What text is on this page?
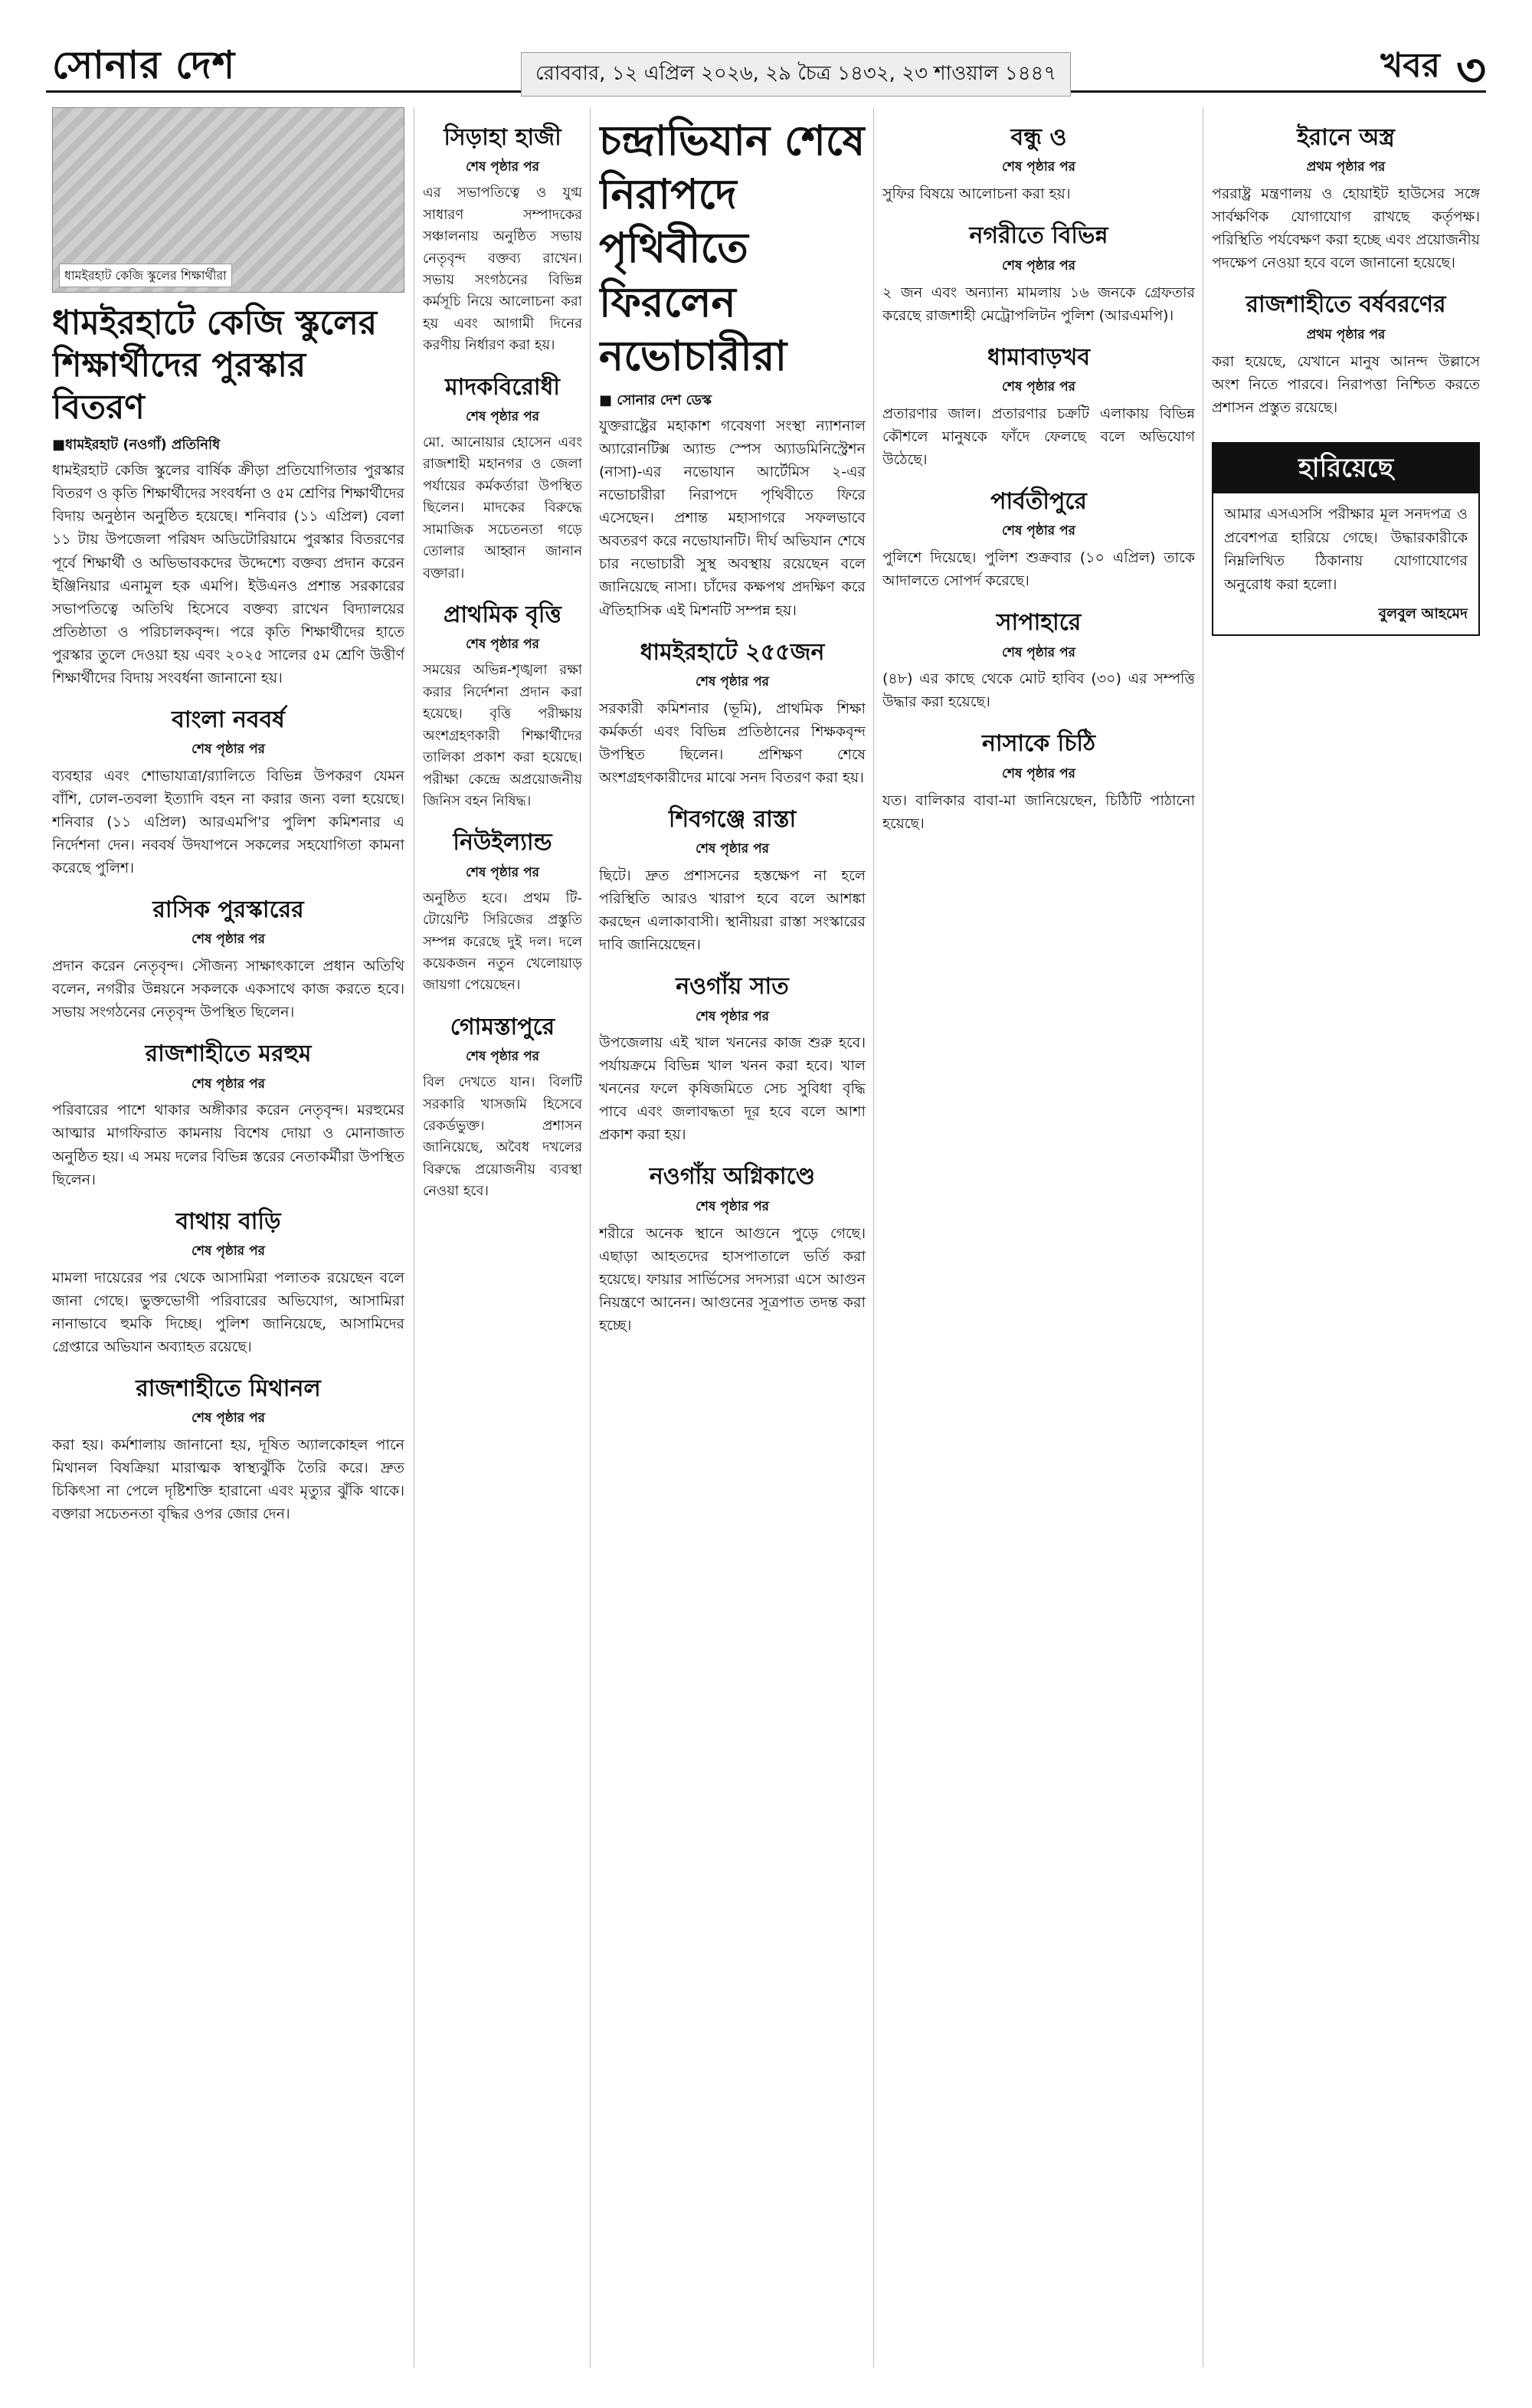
সোনার দেশ	রোববার, ১২ এপ্রিল ২০২৬, ২৯ চৈত্র ১৪৩২, ২৩ শাওয়াল ১৪৪৭	খবর ৩
ধামইরহাট কেজি স্কুলের শিক্ষার্থীরা
ধামইরহাটে কেজি স্কুলের শিক্ষার্থীদের পুরস্কার বিতরণ
■ধামইরহাট (নওগাঁ) প্রতিনিধি

ধামইরহাট কেজি স্কুলের বার্ষিক ক্রীড়া প্রতিযোগিতার পুরস্কার বিতরণ ও কৃতি শিক্ষার্থীদের সংবর্ধনা ও ৫ম শ্রেণির শিক্ষার্থীদের বিদায় অনুষ্ঠান অনুষ্ঠিত হয়েছে। শনিবার (১১ এপ্রিল) বেলা ১১ টায় উপজেলা পরিষদ অডিটোরিয়ামে পুরস্কার বিতরণের পূর্বে শিক্ষার্থী ও অভিভাবকদের উদ্দেশ্যে বক্তব্য প্রদান করেন ইঞ্জিনিয়ার এনামুল হক এমপি। ইউএনও প্রশান্ত সরকারের সভাপতিত্বে অতিথি হিসেবে বক্তব্য রাখেন বিদ্যালয়ের প্রতিষ্ঠাতা ও পরিচালকবৃন্দ। পরে কৃতি শিক্ষার্থীদের হাতে পুরস্কার তুলে দেওয়া হয় এবং ২০২৫ সালের ৫ম শ্রেণি উত্তীর্ণ শিক্ষার্থীদের বিদায় সংবর্ধনা জানানো হয়।

বাংলা নববর্ষ
শেষ পৃষ্ঠার পর

ব্যবহার এবং শোভাযাত্রা/র‌্যালিতে বিভিন্ন উপকরণ যেমন বাঁশি, ঢোল-তবলা ইত্যাদি বহন না করার জন্য বলা হয়েছে। শনিবার (১১ এপ্রিল) আরএমপি'র পুলিশ কমিশনার এ নির্দেশনা দেন। নববর্ষ উদযাপনে সকলের সহযোগিতা কামনা করেছে পুলিশ।

রাসিক পুরস্কারের
শেষ পৃষ্ঠার পর

প্রদান করেন নেতৃবৃন্দ। সৌজন্য সাক্ষাৎকালে প্রধান অতিথি বলেন, নগরীর উন্নয়নে সকলকে একসাথে কাজ করতে হবে। সভায় সংগঠনের নেতৃবৃন্দ উপস্থিত ছিলেন।

রাজশাহীতে মরহুম
শেষ পৃষ্ঠার পর

পরিবারের পাশে থাকার অঙ্গীকার করেন নেতৃবৃন্দ। মরহুমের আত্মার মাগফিরাত কামনায় বিশেষ দোয়া ও মোনাজাত অনুষ্ঠিত হয়। এ সময় দলের বিভিন্ন স্তরের নেতাকর্মীরা উপস্থিত ছিলেন।

বাথায় বাড়ি
শেষ পৃষ্ঠার পর

মামলা দায়েরের পর থেকে আসামিরা পলাতক রয়েছেন বলে জানা গেছে। ভুক্তভোগী পরিবারের অভিযোগ, আসামিরা নানাভাবে হুমকি দিচ্ছে। পুলিশ জানিয়েছে, আসামিদের গ্রেপ্তারে অভিযান অব্যাহত রয়েছে।

রাজশাহীতে মিথানল
শেষ পৃষ্ঠার পর

করা হয়। কর্মশালায় জানানো হয়, দূষিত অ্যালকোহল পানে মিথানল বিষক্রিয়া মারাত্মক স্বাস্থ্যঝুঁকি তৈরি করে। দ্রুত চিকিৎসা না পেলে দৃষ্টিশক্তি হারানো এবং মৃত্যুর ঝুঁকি থাকে। বক্তারা সচেতনতা বৃদ্ধির ওপর জোর দেন।

সিড়াহা হাজী
শেষ পৃষ্ঠার পর

এর সভাপতিত্বে ও যুগ্ম সাধারণ সম্পাদকের সঞ্চালনায় অনুষ্ঠিত সভায় নেতৃবৃন্দ বক্তব্য রাখেন। সভায় সংগঠনের বিভিন্ন কর্মসূচি নিয়ে আলোচনা করা হয় এবং আগামী দিনের করণীয় নির্ধারণ করা হয়।

মাদকবিরোধী
শেষ পৃষ্ঠার পর

মো. আনোয়ার হোসেন এবং রাজশাহী মহানগর ও জেলা পর্যায়ের কর্মকর্তারা উপস্থিত ছিলেন। মাদকের বিরুদ্ধে সামাজিক সচেতনতা গড়ে তোলার আহ্বান জানান বক্তারা।

প্রাথমিক বৃত্তি
শেষ পৃষ্ঠার পর

সময়ের অভিন্ন-শৃঙ্খলা রক্ষা করার নির্দেশনা প্রদান করা হয়েছে। বৃত্তি পরীক্ষায় অংশগ্রহণকারী শিক্ষার্থীদের তালিকা প্রকাশ করা হয়েছে। পরীক্ষা কেন্দ্রে অপ্রয়োজনীয় জিনিস বহন নিষিদ্ধ।

নিউইল্যান্ড
শেষ পৃষ্ঠার পর

অনুষ্ঠিত হবে। প্রথম টি-টোয়েন্টি সিরিজের প্রস্তুতি সম্পন্ন করেছে দুই দল। দলে কয়েকজন নতুন খেলোয়াড় জায়গা পেয়েছেন।

গোমস্তাপুরে
শেষ পৃষ্ঠার পর

বিল দেখতে যান। বিলটি সরকারি খাসজমি হিসেবে রেকর্ডভুক্ত। প্রশাসন জানিয়েছে, অবৈধ দখলের বিরুদ্ধে প্রয়োজনীয় ব্যবস্থা নেওয়া হবে।

চন্দ্রাভিযান শেষে নিরাপদে পৃথিবীতে ফিরলেন নভোচারীরা
■ সোনার দেশ ডেস্ক

যুক্তরাষ্ট্রের মহাকাশ গবেষণা সংস্থা ন্যাশনাল অ্যারোনটিক্স অ্যান্ড স্পেস অ্যাডমিনিস্ট্রেশন (নাসা)-এর নভোযান আর্টেমিস ২-এর নভোচারীরা নিরাপদে পৃথিবীতে ফিরে এসেছেন। প্রশান্ত মহাসাগরে সফলভাবে অবতরণ করে নভোযানটি। দীর্ঘ অভিযান শেষে চার নভোচারী সুস্থ অবস্থায় রয়েছেন বলে জানিয়েছে নাসা। চাঁদের কক্ষপথ প্রদক্ষিণ করে ঐতিহাসিক এই মিশনটি সম্পন্ন হয়।

ধামইরহাটে ২৫৫জন
শেষ পৃষ্ঠার পর

সরকারী কমিশনার (ভূমি), প্রাথমিক শিক্ষা কর্মকর্তা এবং বিভিন্ন প্রতিষ্ঠানের শিক্ষকবৃন্দ উপস্থিত ছিলেন। প্রশিক্ষণ শেষে অংশগ্রহণকারীদের মাঝে সনদ বিতরণ করা হয়।

শিবগঞ্জে রাস্তা
শেষ পৃষ্ঠার পর

ছিটে। দ্রুত প্রশাসনের হস্তক্ষেপ না হলে পরিস্থিতি আরও খারাপ হবে বলে আশঙ্কা করছেন এলাকাবাসী। স্থানীয়রা রাস্তা সংস্কারের দাবি জানিয়েছেন।

নওগাঁয় সাত
শেষ পৃষ্ঠার পর

উপজেলায় এই খাল খননের কাজ শুরু হবে। পর্যায়ক্রমে বিভিন্ন খাল খনন করা হবে। খাল খননের ফলে কৃষিজমিতে সেচ সুবিধা বৃদ্ধি পাবে এবং জলাবদ্ধতা দূর হবে বলে আশা প্রকাশ করা হয়।

নওগাঁয় অগ্নিকাণ্ডে
শেষ পৃষ্ঠার পর

শরীরে অনেক স্থানে আগুনে পুড়ে গেছে। এছাড়া আহতদের হাসপাতালে ভর্তি করা হয়েছে। ফায়ার সার্ভিসের সদস্যরা এসে আগুন নিয়ন্ত্রণে আনেন। আগুনের সূত্রপাত তদন্ত করা হচ্ছে।

বন্ধু ও
শেষ পৃষ্ঠার পর

সুফির বিষয়ে আলোচনা করা হয়।

নগরীতে বিভিন্ন
শেষ পৃষ্ঠার পর

২ জন এবং অন্যান্য মামলায় ১৬ জনকে গ্রেফতার করেছে রাজশাহী মেট্রোপলিটন পুলিশ (আরএমপি)।

ধামাবাড়খব
শেষ পৃষ্ঠার পর

প্রতারণার জাল। প্রতারণার চক্রটি এলাকায় বিভিন্ন কৌশলে মানুষকে ফাঁদে ফেলছে বলে অভিযোগ উঠেছে।

পার্বতীপুরে
শেষ পৃষ্ঠার পর

পুলিশে দিয়েছে। পুলিশ শুক্রবার (১০ এপ্রিল) তাকে আদালতে সোপর্দ করেছে।

সাপাহারে
শেষ পৃষ্ঠার পর

(৪৮) এর কাছে থেকে মোট হাবিব (৩০) এর সম্পত্তি উদ্ধার করা হয়েছে।

নাসাকে চিঠি
শেষ পৃষ্ঠার পর

যত। বালিকার বাবা-মা জানিয়েছেন, চিঠিটি পাঠানো হয়েছে।

ইরানে অস্ত্র
প্রথম পৃষ্ঠার পর

পররাষ্ট্র মন্ত্রণালয় ও হোয়াইট হাউসের সঙ্গে সার্বক্ষণিক যোগাযোগ রাখছে কর্তৃপক্ষ। পরিস্থিতি পর্যবেক্ষণ করা হচ্ছে এবং প্রয়োজনীয় পদক্ষেপ নেওয়া হবে বলে জানানো হয়েছে।

রাজশাহীতে বর্ষবরণের
প্রথম পৃষ্ঠার পর

করা হয়েছে, যেখানে মানুষ আনন্দ উল্লাসে অংশ নিতে পারবে। নিরাপত্তা নিশ্চিত করতে প্রশাসন প্রস্তুত রয়েছে।

হারিয়েছে

আমার এসএসসি পরীক্ষার মূল সনদপত্র ও প্রবেশপত্র হারিয়ে গেছে। উদ্ধারকারীকে নিম্নলিখিত ঠিকানায় যোগাযোগের অনুরোধ করা হলো।

বুলবুল আহমেদ
